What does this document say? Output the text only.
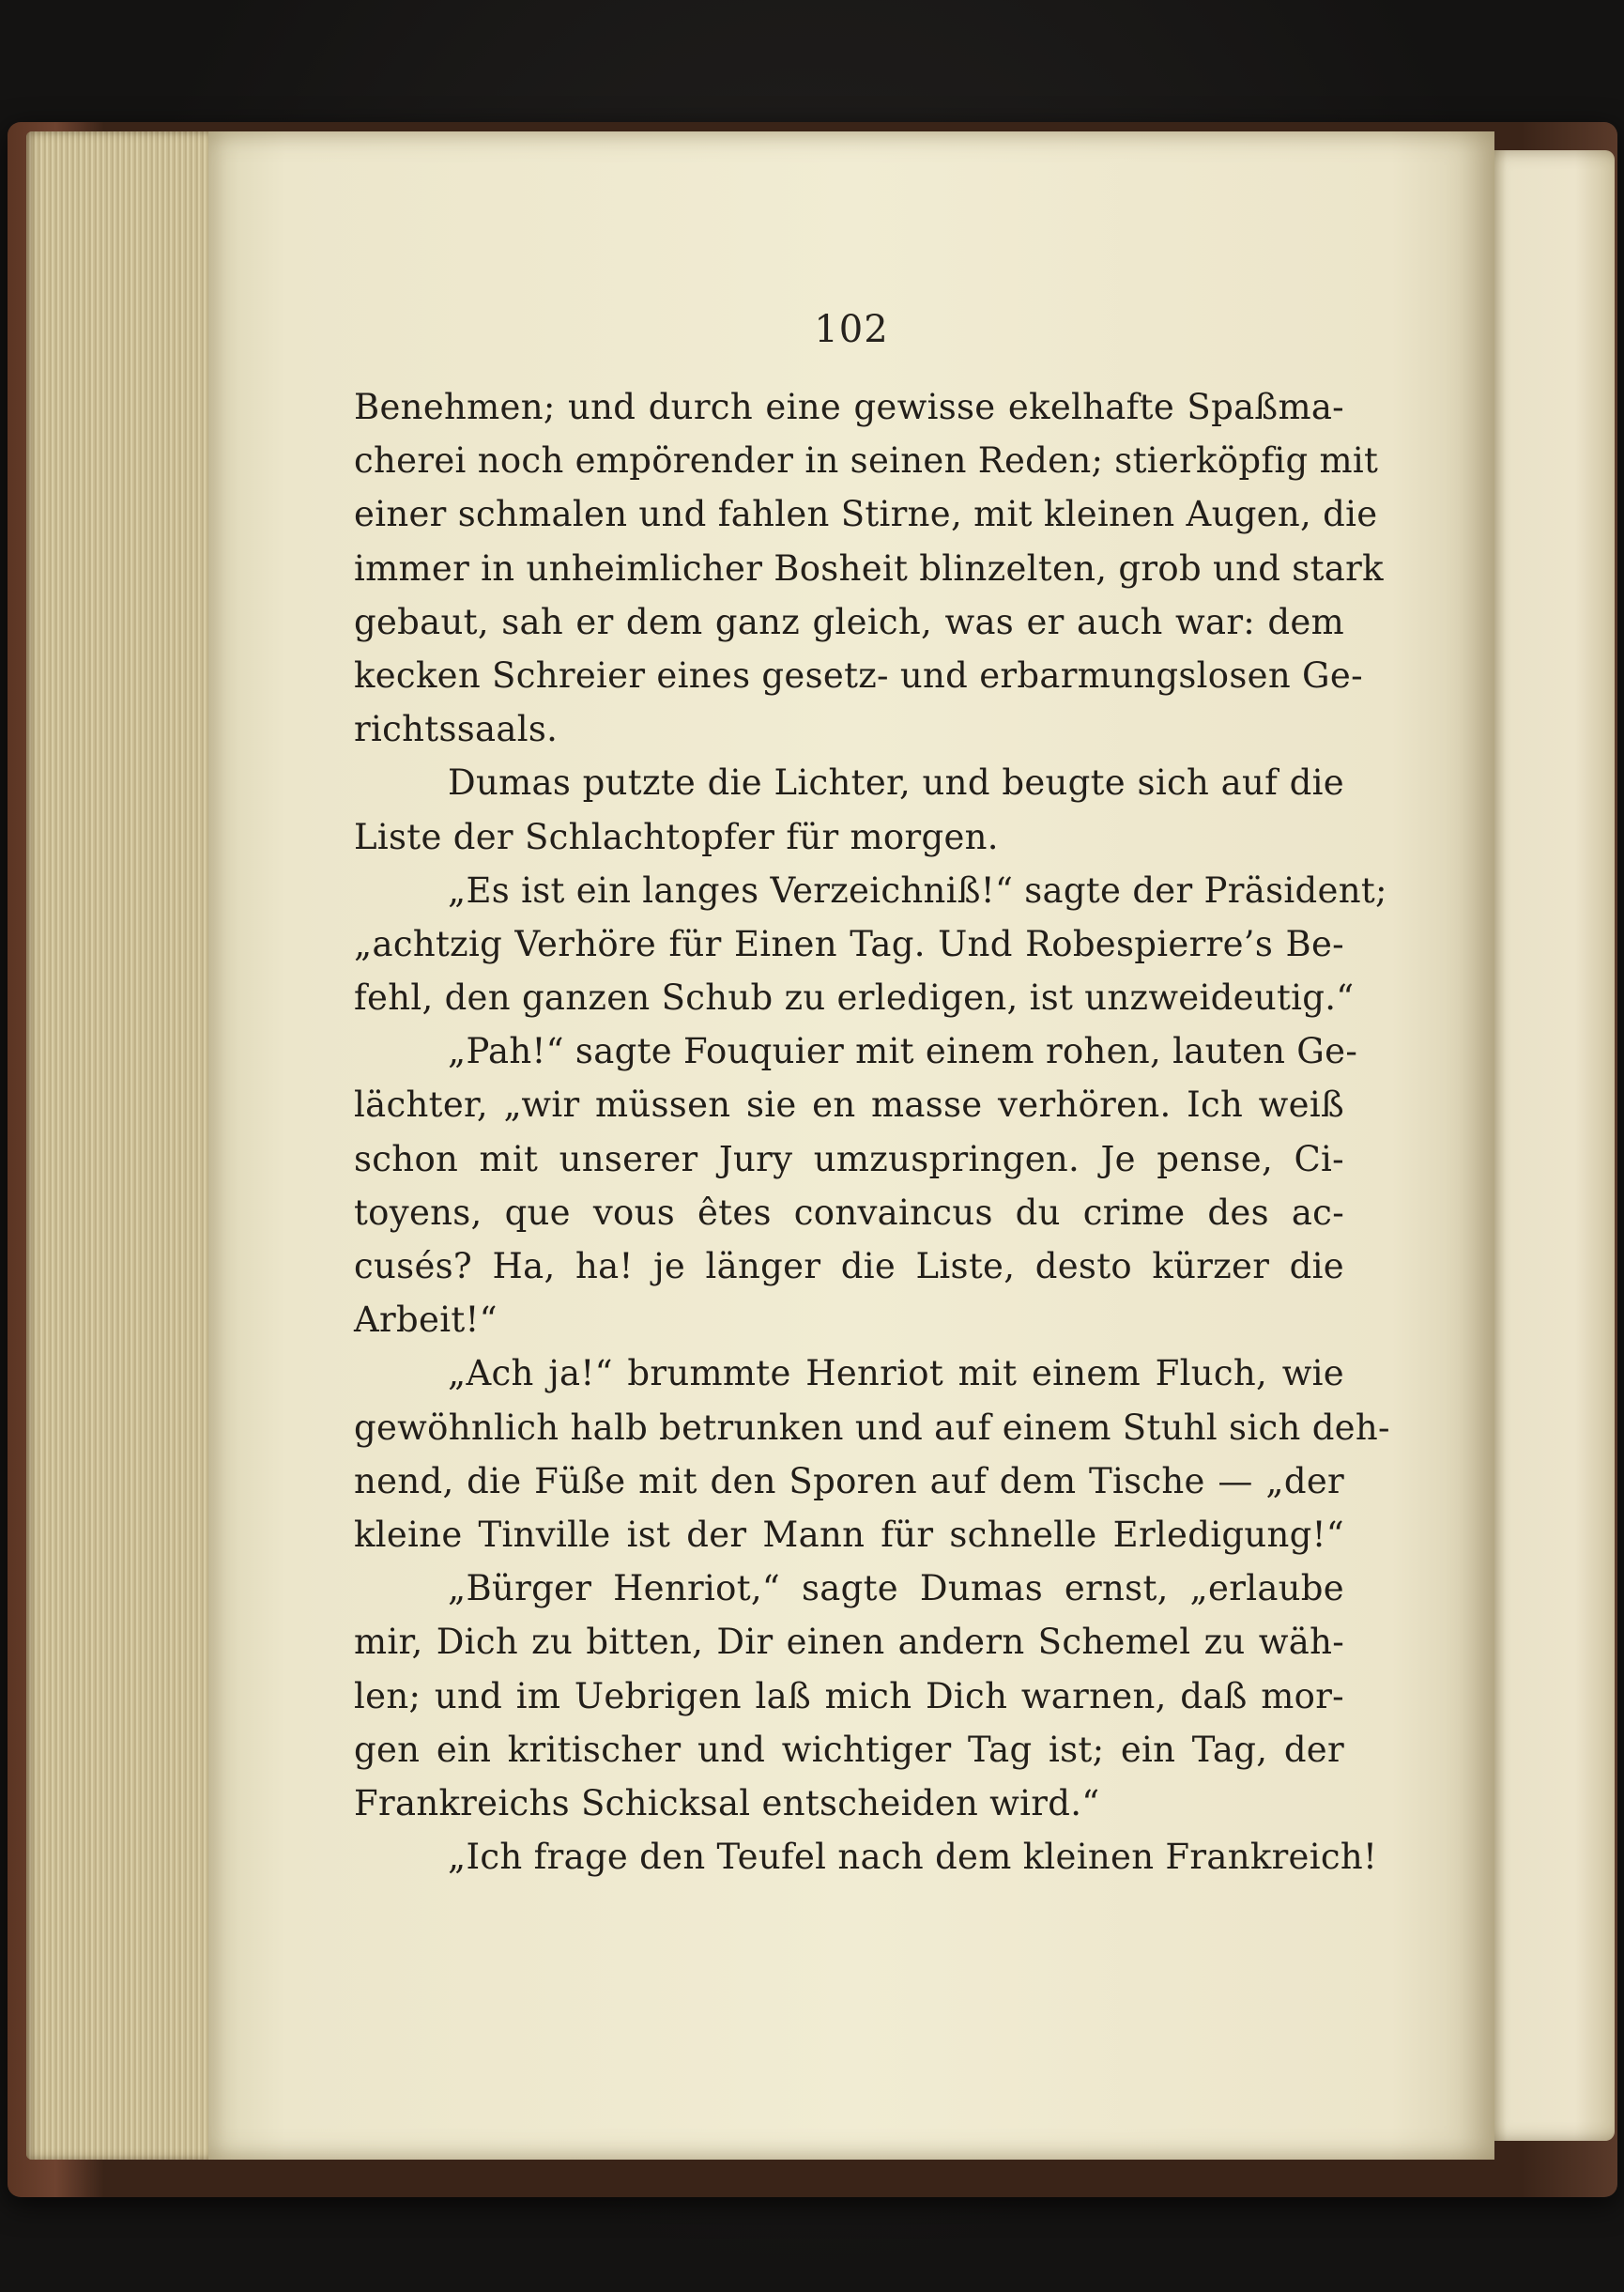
102
Benehmen; und durch eine gewisse ekelhafte Spaßma-
cherei noch empörender in seinen Reden; stierköpfig mit
einer schmalen und fahlen Stirne, mit kleinen Augen, die
immer in unheimlicher Bosheit blinzelten, grob und stark
gebaut, sah er dem ganz gleich, was er auch war: dem
kecken Schreier eines gesetz- und erbarmungslosen Ge-
richtssaals.
Dumas putzte die Lichter, und beugte sich auf die
Liste der Schlachtopfer für morgen.
„Es ist ein langes Verzeichniß!“ sagte der Präsident;
„achtzig Verhöre für Einen Tag. Und Robespierre’s Be-
fehl, den ganzen Schub zu erledigen, ist unzweideutig.“
„Pah!“ sagte Fouquier mit einem rohen, lauten Ge-
lächter, „wir müssen sie en masse verhören. Ich weiß
schon mit unserer Jury umzuspringen. Je pense, Ci-
toyens, que vous êtes convaincus du crime des ac-
cusés? Ha, ha! je länger die Liste, desto kürzer die
Arbeit!“
„Ach ja!“ brummte Henriot mit einem Fluch, wie
gewöhnlich halb betrunken und auf einem Stuhl sich deh-
nend, die Füße mit den Sporen auf dem Tische — „der
kleine Tinville ist der Mann für schnelle Erledigung!“
„Bürger Henriot,“ sagte Dumas ernst, „erlaube
mir, Dich zu bitten, Dir einen andern Schemel zu wäh-
len; und im Uebrigen laß mich Dich warnen, daß mor-
gen ein kritischer und wichtiger Tag ist; ein Tag, der
Frankreichs Schicksal entscheiden wird.“
„Ich frage den Teufel nach dem kleinen Frankreich!
